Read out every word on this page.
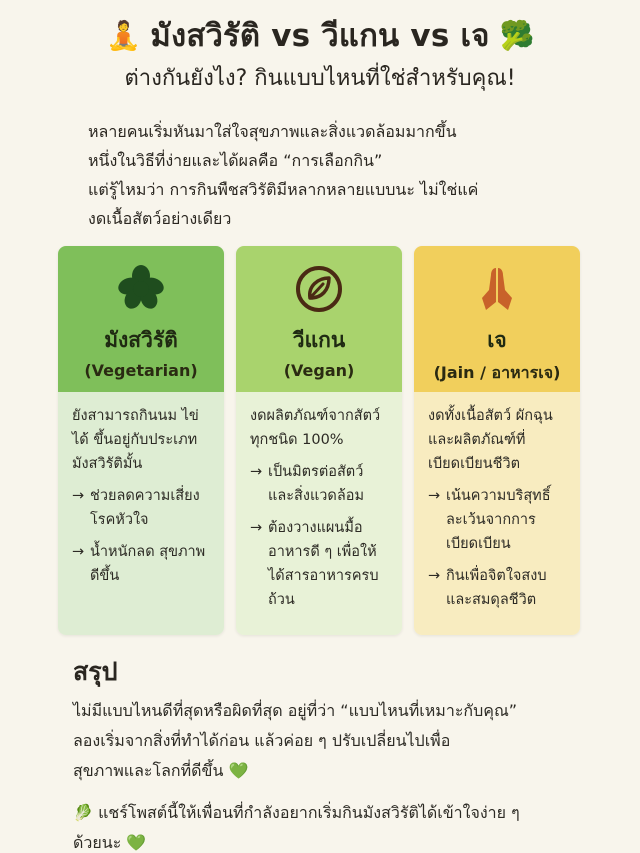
🧘 มังสวิรัติ vs วีแกน vs เจ 🥦
ต่างกันยังไง? กินแบบไหนที่ใช่สำหรับคุณ!
หลายคนเริ่มหันมาใส่ใจสุขภาพและสิ่งแวดล้อมมากขึ้น
หนึ่งในวิธีที่ง่ายและได้ผลคือ “การเลือกกิน”
แต่รู้ไหมว่า การกินพืชสวิรัติมีหลากหลายแบบนะ ไม่ใช่แค่
งดเนื้อสัตว์อย่างเดียว
มังสวิรัติ
(Vegetarian)
ยังสามารถกินนม ไข่ได้ ขึ้นอยู่กับประเภท มังสวิรัติมั้น
→ ช่วยลดความเสี่ยงโรคหัวใจ
→ น้ำหนักลด สุขภาพดีขึ้น
วีแกน
(Vegan)
งดผลิตภัณฑ์จากสัตว์ทุกชนิด 100%
→ เป็นมิตรต่อสัตว์และสิ่งแวดล้อม
→ ต้องวางแผนมื้ออาหารดี ๆ เพื่อให้ได้สารอาหารครบถ้วน
เจ
(Jain / อาหารเจ)
งดทั้งเนื้อสัตว์ ผักฉุน และผลิตภัณฑ์ที่เบียดเบียนชีวิต
→ เน้นความบริสุทธิ์ ละเว้นจากการเบียดเบียน
→ กินเพื่อจิตใจสงบและสมดุลชีวิต
สรุป
ไม่มีแบบไหนดีที่สุดหรือผิดที่สุด อยู่ที่ว่า “แบบไหนที่เหมาะกับคุณ”
ลองเริ่มจากสิ่งที่ทำได้ก่อน แล้วค่อย ๆ ปรับเปลี่ยนไปเพื่อ
สุขภาพและโลกที่ดีขึ้น 💚
🥬 แชร์โพสต์นี้ให้เพื่อนที่กำลังอยากเริ่มกินมังสวิรัติได้เข้าใจง่าย ๆ
ด้วยนะ 💚
